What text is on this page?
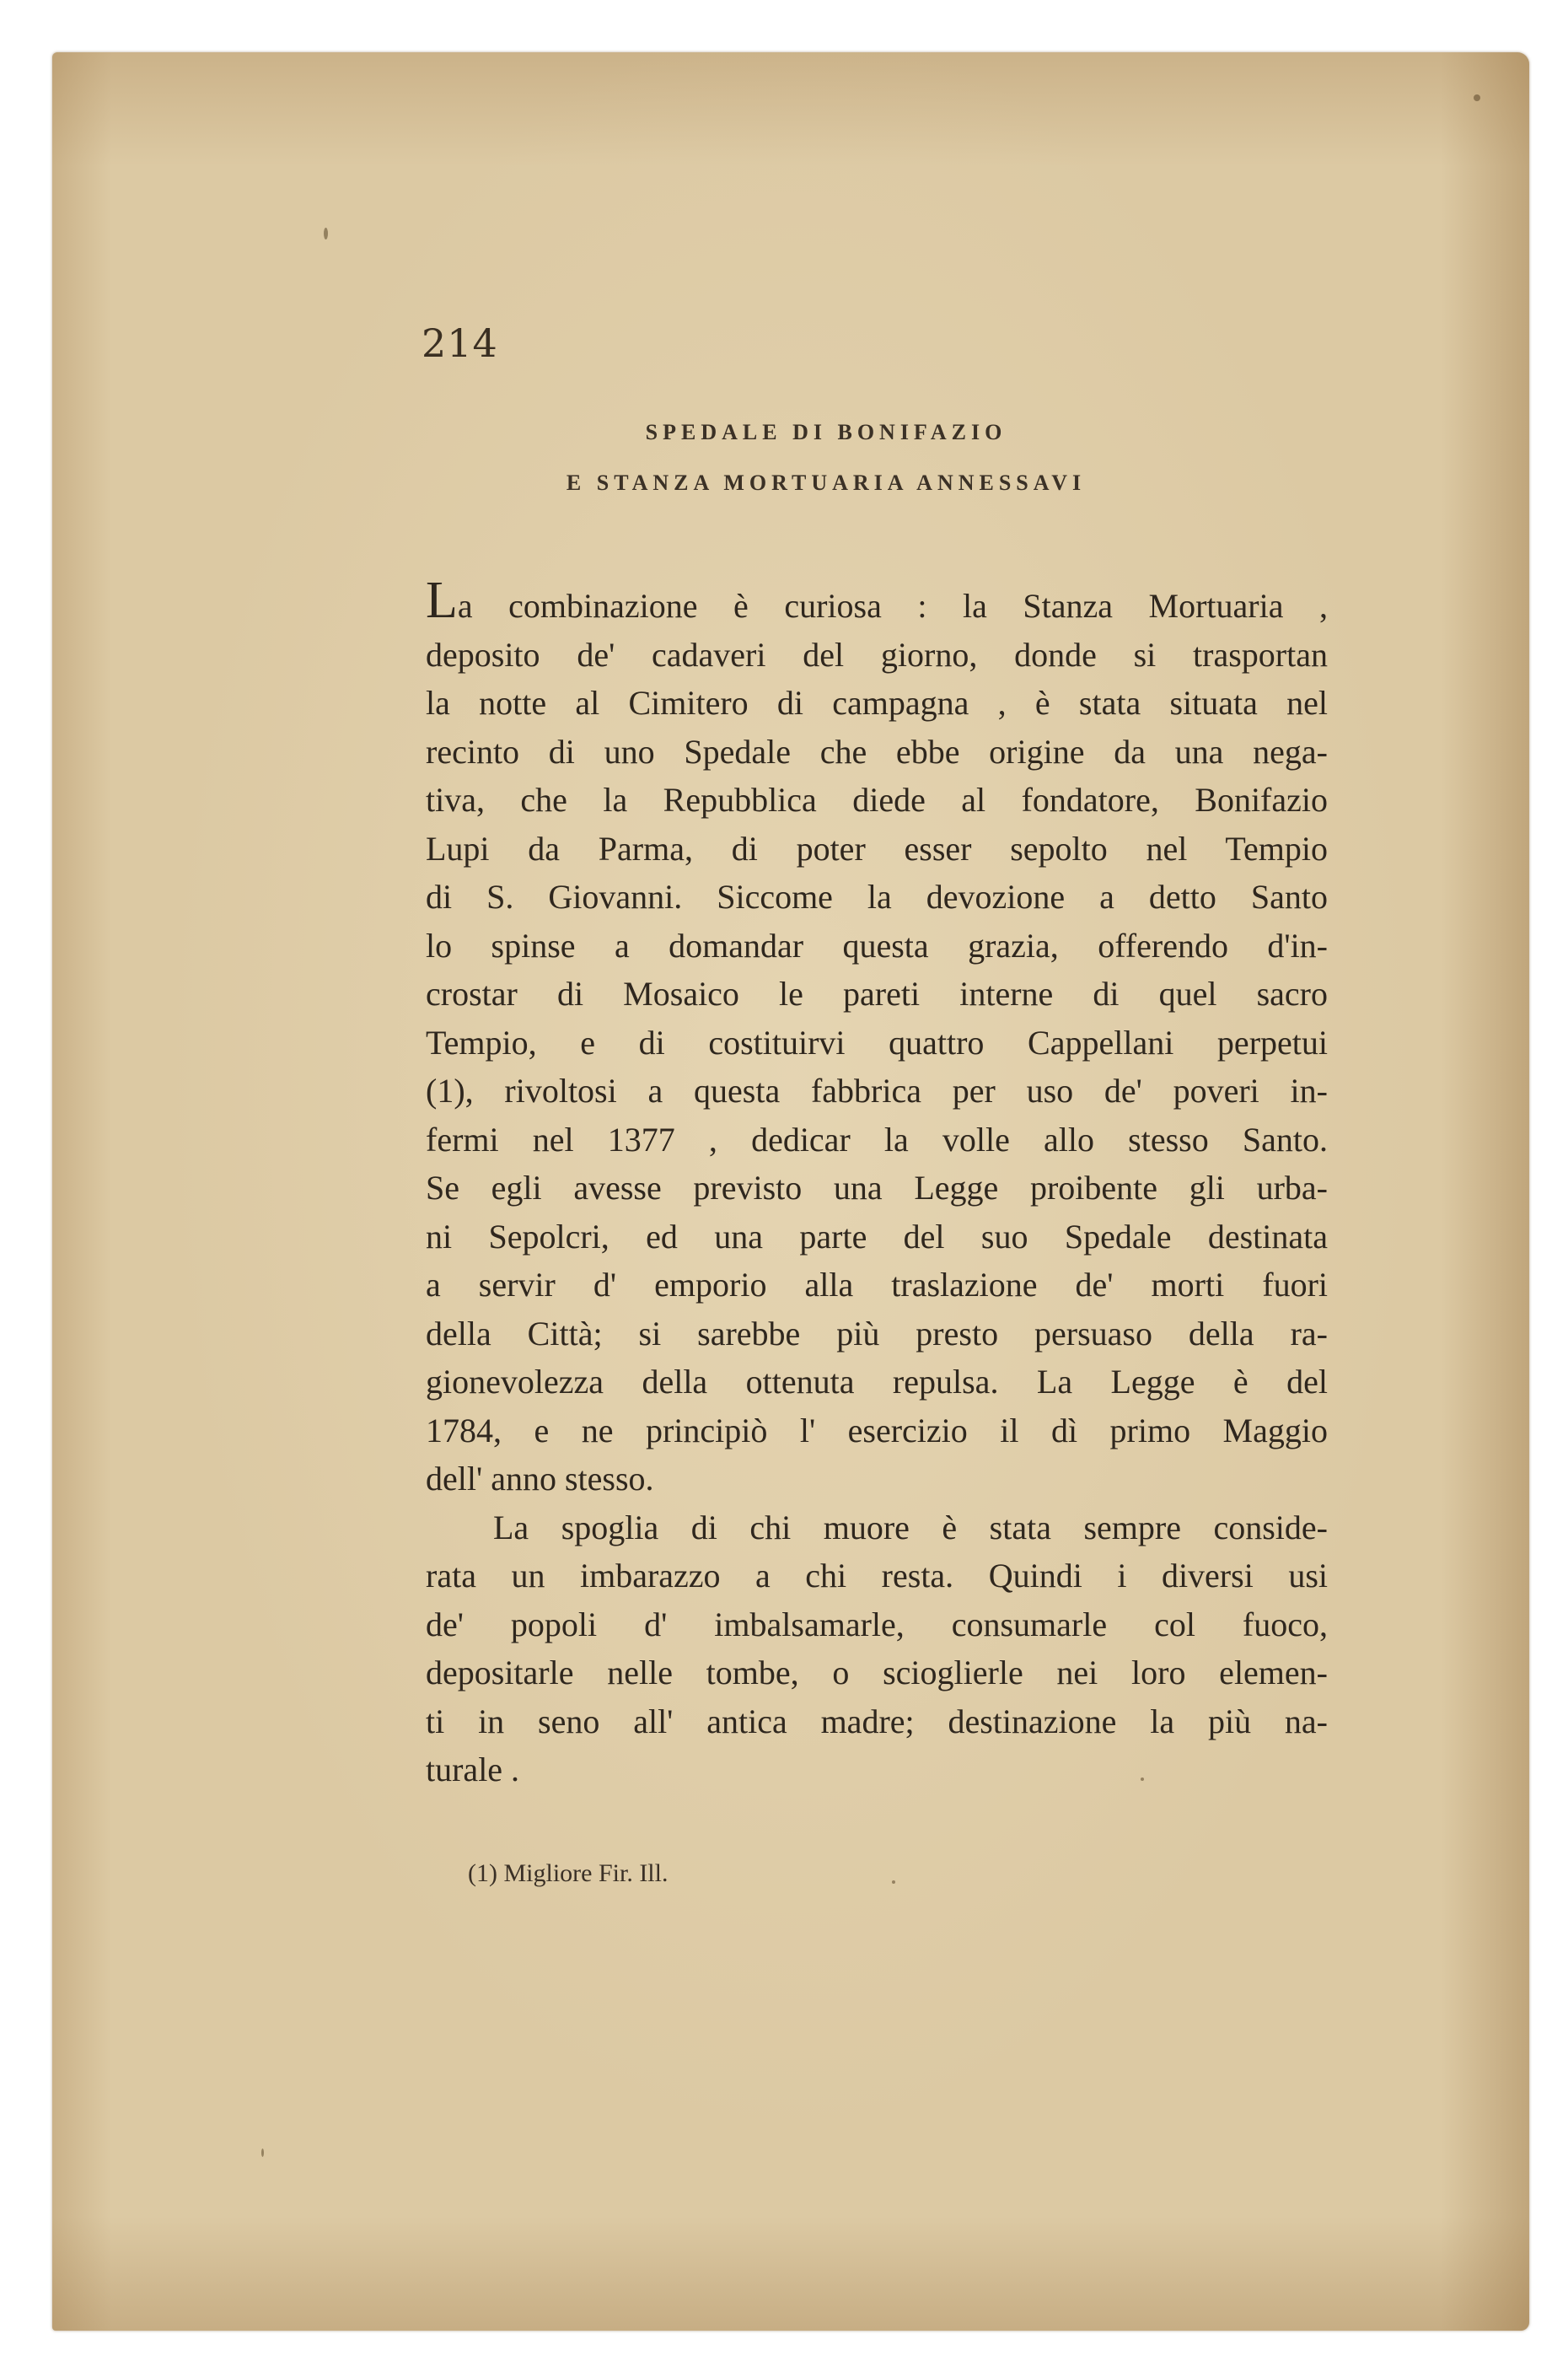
214
SPEDALE DI BONIFAZIO
E STANZA MORTUARIA ANNESSAVI
La combinazione è curiosa : la Stanza Mortuaria ,
deposito de' cadaveri del giorno, donde si trasportan
la notte al Cimitero di campagna , è stata situata nel
recinto di uno Spedale che ebbe origine da una nega-
tiva, che la Repubblica diede al fondatore, Bonifazio
Lupi da Parma, di poter esser sepolto nel Tempio
di S. Giovanni. Siccome la devozione a detto Santo
lo spinse a domandar questa grazia, offerendo d'in-
crostar di Mosaico le pareti interne di quel sacro
Tempio, e di costituirvi quattro Cappellani perpetui
(1), rivoltosi a questa fabbrica per uso de' poveri in-
fermi nel 1377 , dedicar la volle allo stesso Santo.
Se egli avesse previsto una Legge proibente gli urba-
ni Sepolcri, ed una parte del suo Spedale destinata
a servir d' emporio alla traslazione de' morti fuori
della Città; si sarebbe più presto persuaso della ra-
gionevolezza della ottenuta repulsa. La Legge è del
1784, e ne principiò l' esercizio il dì primo Maggio
dell' anno stesso.
La spoglia di chi muore è stata sempre conside-
rata un imbarazzo a chi resta. Quindi i diversi usi
de' popoli d' imbalsamarle, consumarle col fuoco,
depositarle nelle tombe, o scioglierle nei loro elemen-
ti in seno all' antica madre; destinazione la più na-
turale .
(1) Migliore Fir. Ill.
